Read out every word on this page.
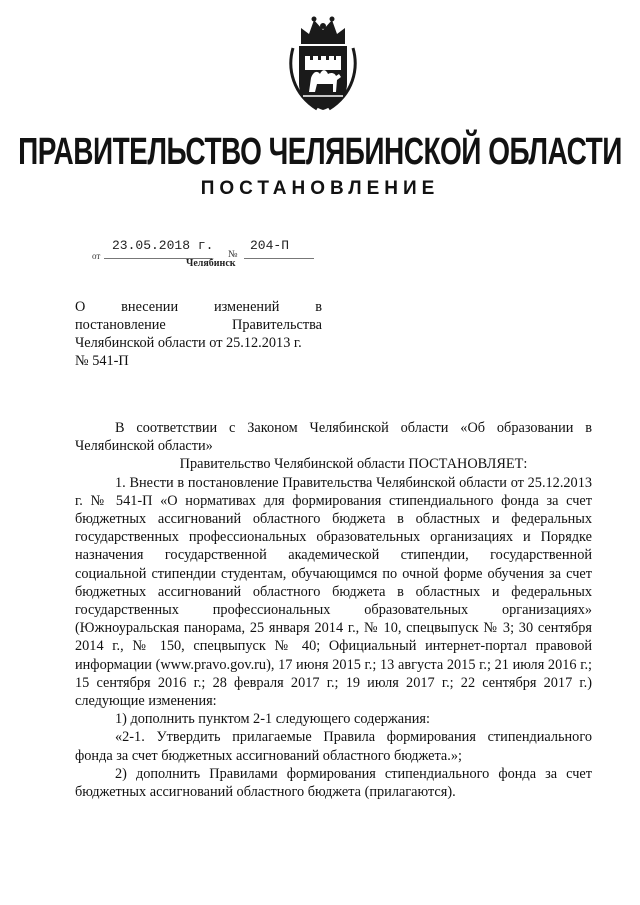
ПРАВИТЕЛЬСТВО ЧЕЛЯБИНСКОЙ ОБЛАСТИ
ПОСТАНОВЛЕНИЕ
от
23.05.2018 г.
№
204-П
Челябинск
О внесении изменений в
постановление Правительства
Челябинской области от 25.12.2013 г.
№ 541-П

В соответствии с Законом Челябинской области «Об образовании в Челябинской области»

Правительство Челябинской области ПОСТАНОВЛЯЕТ:

1. Внести в постановление Правительства Челябинской области от 25.12.2013 г. № 541-П «О нормативах для формирования стипендиального фонда за счет бюджетных ассигнований областного бюджета в областных и федеральных государственных профессиональных образовательных организациях и Порядке назначения государственной академической стипендии, государственной социальной стипендии студентам, обучающимся по очной форме обучения за счет бюджетных ассигнований областного бюджета в областных и федеральных государственных профессиональных образовательных организациях» (Южноуральская панорама, 25 января 2014 г., № 10, спецвыпуск № 3; 30 сентября 2014 г., № 150, спецвыпуск № 40; Официальный интернет-портал правовой информации (www.pravo.gov.ru), 17 июня 2015 г.; 13 августа 2015 г.; 21 июля 2016 г.; 15 сентября 2016 г.; 28 февраля 2017 г.; 19 июля 2017 г.; 22 сентября 2017 г.) следующие изменения:

1) дополнить пунктом 2-1 следующего содержания:

«2-1. Утвердить прилагаемые Правила формирования стипендиального фонда за счет бюджетных ассигнований областного бюджета.»;

2) дополнить Правилами формирования стипендиального фонда за счет бюджетных ассигнований областного бюджета (прилагаются).
